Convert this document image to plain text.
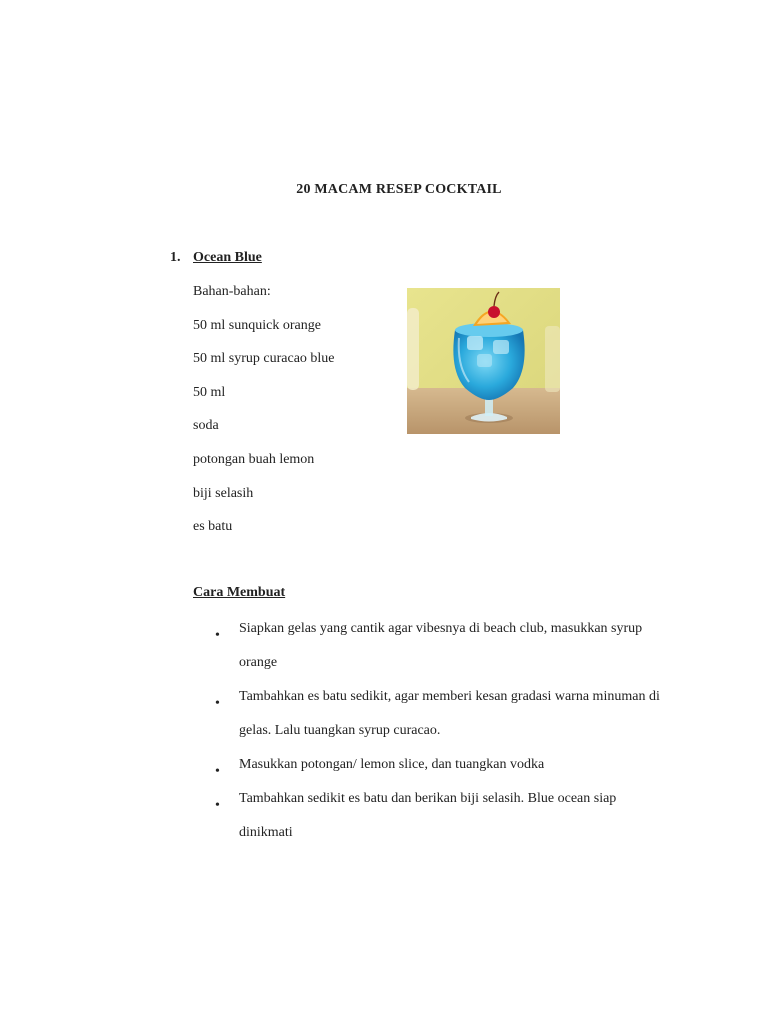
20 MACAM RESEP COCKTAIL
1. Ocean Blue
Bahan-bahan:
50 ml sunquick orange
50 ml syrup curacao blue
50 ml
soda
potongan buah lemon
biji selasih
es batu
Cara Membuat
• Siapkan gelas yang cantik agar vibesnya di beach club, masukkan syrup orange
• Tambahkan es batu sedikit, agar memberi kesan gradasi warna minuman di gelas. Lalu tuangkan syrup curacao.
• Masukkan potongan/ lemon slice, dan tuangkan vodka
• Tambahkan sedikit es batu dan berikan biji selasih. Blue ocean siap dinikmati
